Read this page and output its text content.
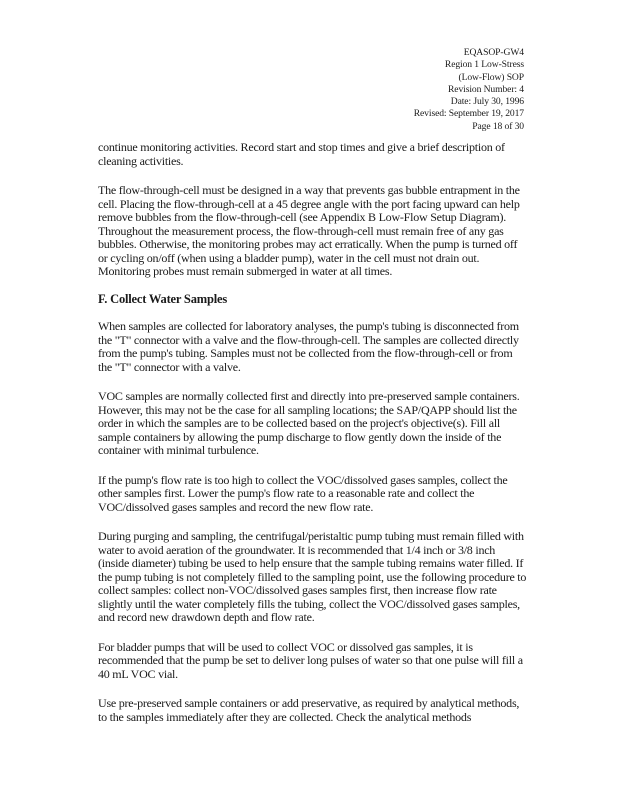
EQASOP-GW4
Region 1 Low-Stress
(Low-Flow) SOP
Revision Number: 4
Date: July 30, 1996
Revised: September 19, 2017
Page 18 of 30

continue monitoring activities. Record start and stop times and give a brief description of cleaning activities.

The flow-through-cell must be designed in a way that prevents gas bubble entrapment in the cell. Placing the flow-through-cell at a 45 degree angle with the port facing upward can help remove bubbles from the flow-through-cell (see Appendix B Low-Flow Setup Diagram). Throughout the measurement process, the flow-through-cell must remain free of any gas bubbles. Otherwise, the monitoring probes may act erratically. When the pump is turned off or cycling on/off (when using a bladder pump), water in the cell must not drain out. Monitoring probes must remain submerged in water at all times.

F. Collect Water Samples

When samples are collected for laboratory analyses, the pump's tubing is disconnected from the "T" connector with a valve and the flow-through-cell. The samples are collected directly from the pump's tubing. Samples must not be collected from the flow-through-cell or from the "T" connector with a valve.

VOC samples are normally collected first and directly into pre-preserved sample containers. However, this may not be the case for all sampling locations; the SAP/QAPP should list the order in which the samples are to be collected based on the project's objective(s). Fill all sample containers by allowing the pump discharge to flow gently down the inside of the container with minimal turbulence.

If the pump's flow rate is too high to collect the VOC/dissolved gases samples, collect the other samples first. Lower the pump's flow rate to a reasonable rate and collect the VOC/dissolved gases samples and record the new flow rate.

During purging and sampling, the centrifugal/peristaltic pump tubing must remain filled with water to avoid aeration of the groundwater. It is recommended that 1/4 inch or 3/8 inch (inside diameter) tubing be used to help ensure that the sample tubing remains water filled. If the pump tubing is not completely filled to the sampling point, use the following procedure to collect samples: collect non-VOC/dissolved gases samples first, then increase flow rate slightly until the water completely fills the tubing, collect the VOC/dissolved gases samples, and record new drawdown depth and flow rate.

For bladder pumps that will be used to collect VOC or dissolved gas samples, it is recommended that the pump be set to deliver long pulses of water so that one pulse will fill a 40 mL VOC vial.

Use pre-preserved sample containers or add preservative, as required by analytical methods, to the samples immediately after they are collected. Check the analytical methods
